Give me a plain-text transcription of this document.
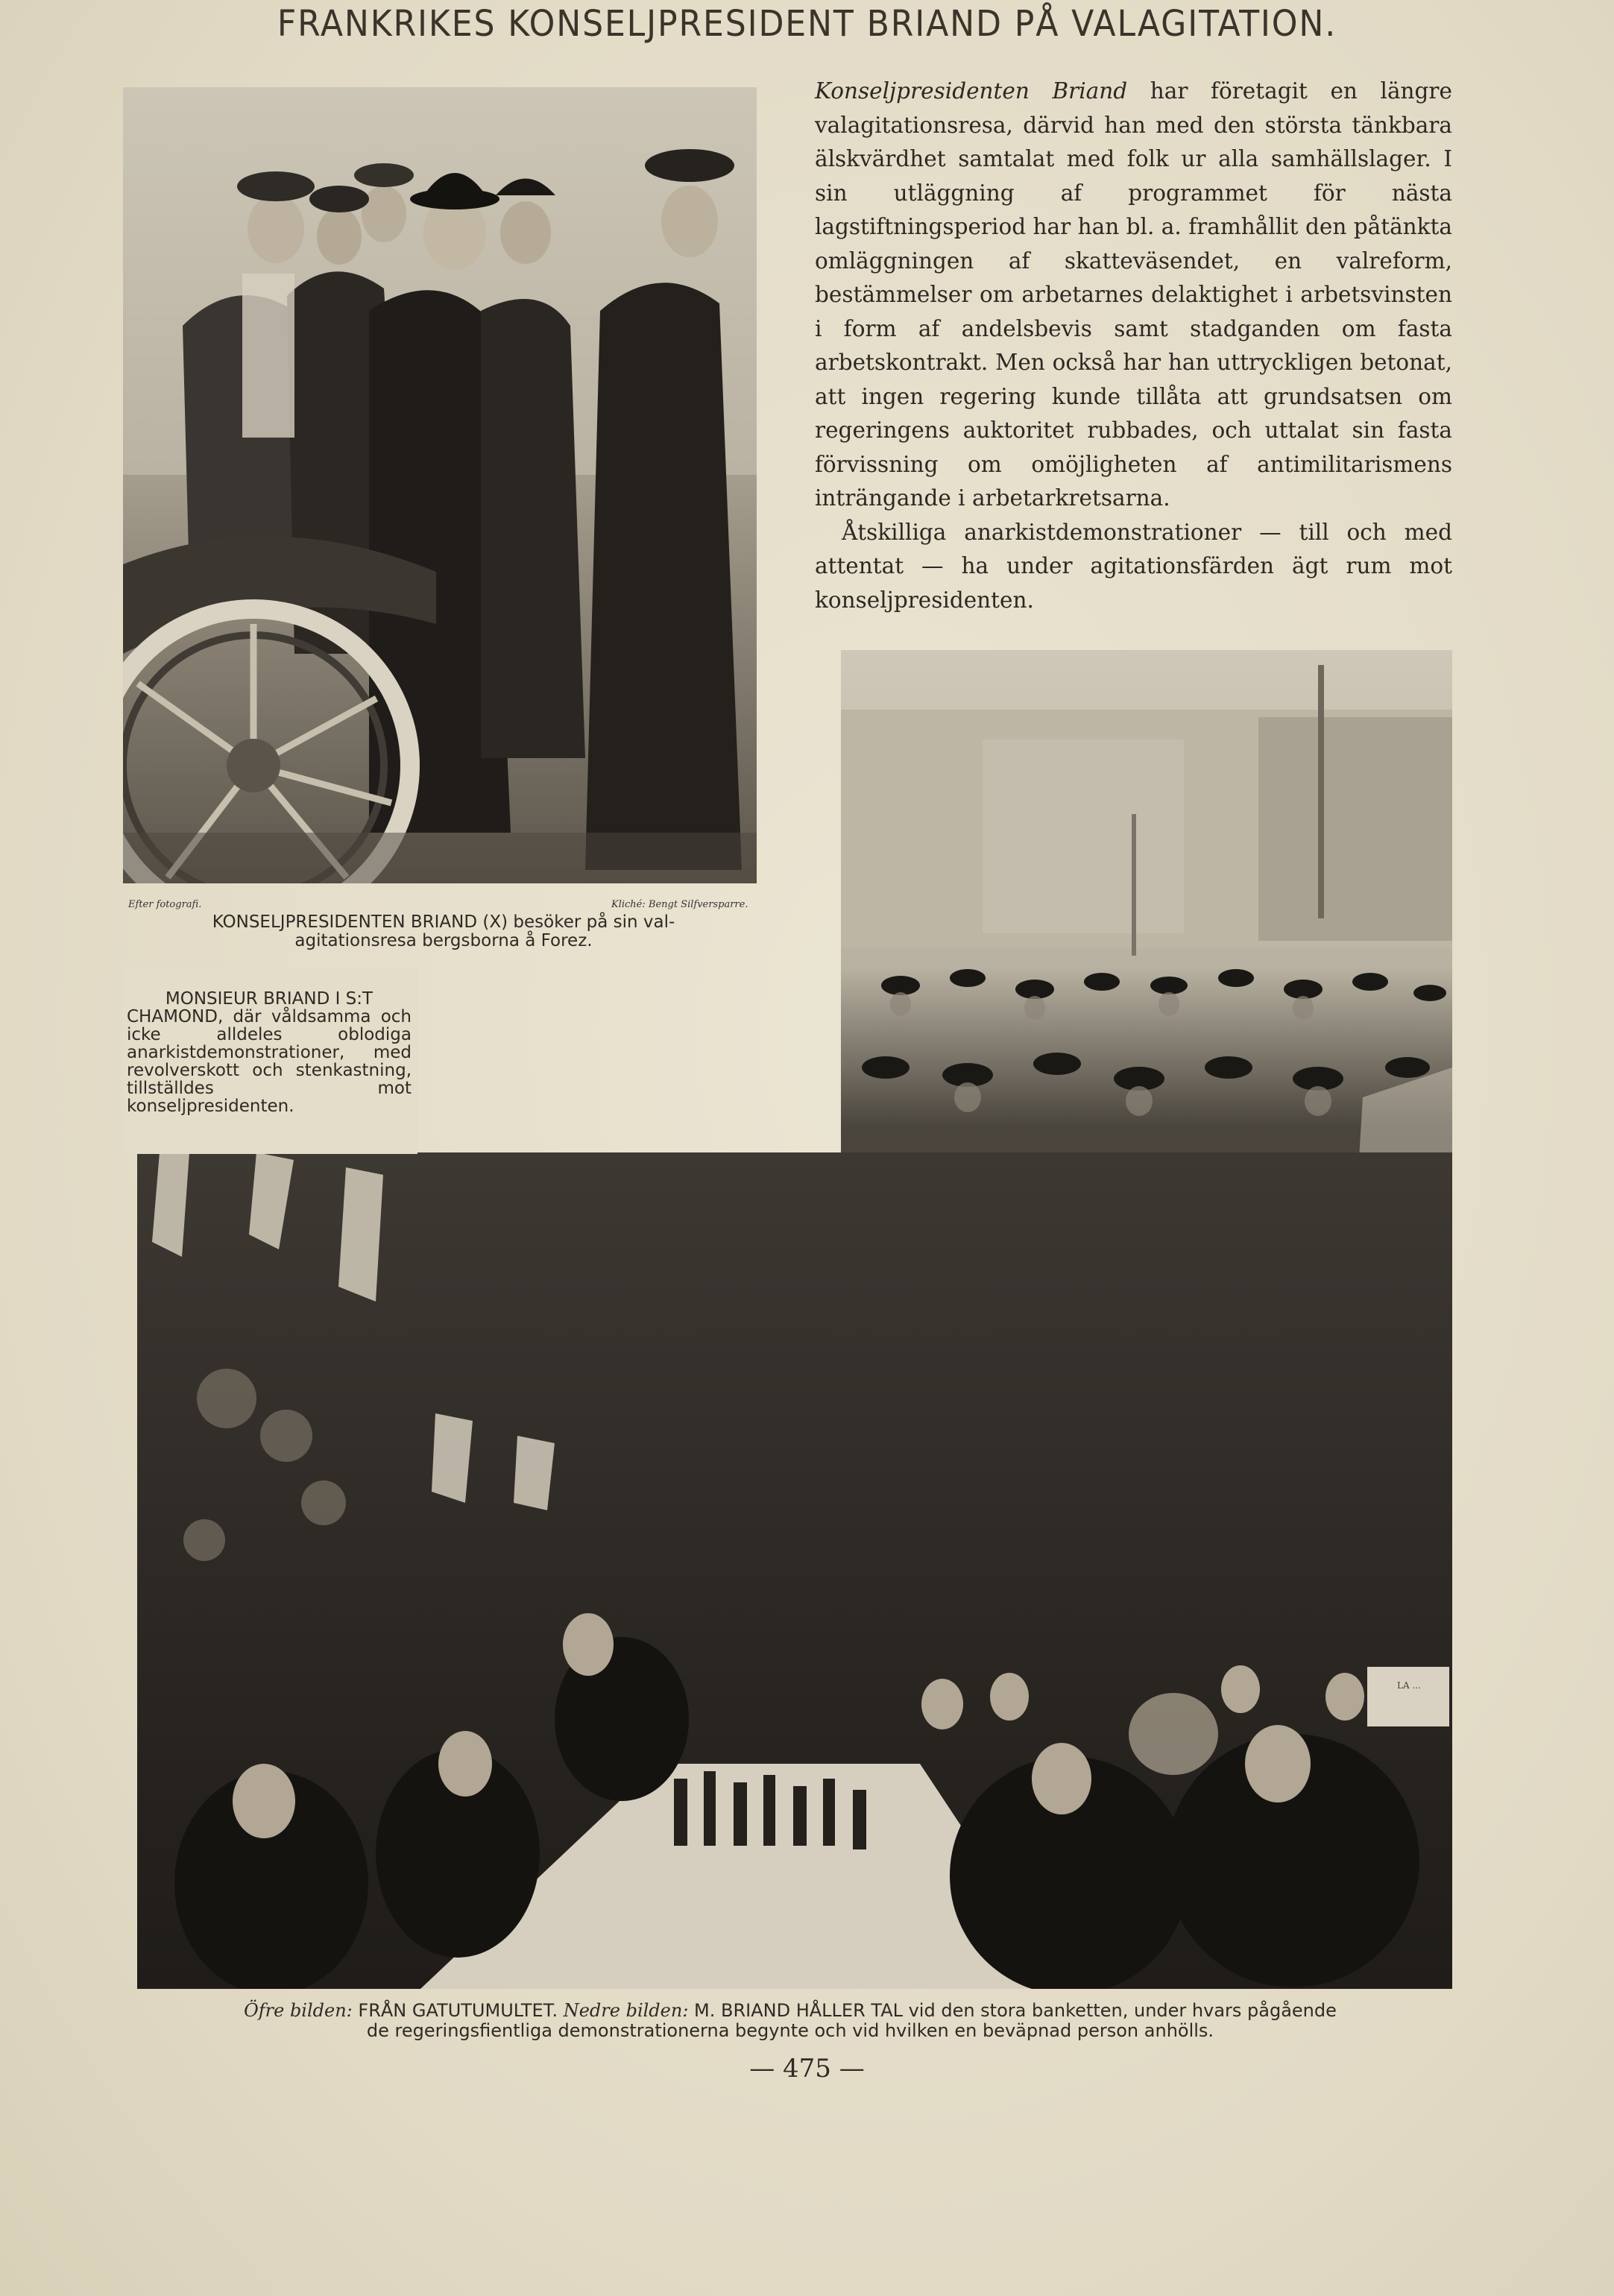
FRANKRIKES KONSELJPRESIDENT BRIAND PÅ VALAGITATION.
Efter fotografi.	Kliché: Bengt Silfversparre.
KONSELJPRESIDENTEN BRIAND (X) besöker på sin val-
agitationsresa bergsborna å Forez.

Konseljpresidenten Briand har företagit en längre valagitationsresa, därvid han med den största tänkbara älskvärdhet samtalat med folk ur alla samhällslager. I sin utläggning af programmet för nästa lagstiftningsperiod har han bl. a. framhållit den påtänkta omläggningen af skatteväsendet, en valreform, bestämmelser om arbetarnes delaktighet i arbetsvinsten i form af andelsbevis samt stadganden om fasta arbetskontrakt. Men också har han uttryckligen betonat, att ingen regering kunde tillåta att grundsatsen om regeringens auktoritet rubbades, och uttalat sin fasta förvissning om omöjligheten af antimilitarismens inträngande i arbetarkretsarna.

Åtskilliga anarkistdemonstrationer — till och med attentat — ha under agitationsfärden ägt rum mot konseljpresidenten.

LA ...
MONSIEUR BRIAND I S:T
CHAMOND, där våldsamma och icke alldeles oblodiga anarkistdemonstrationer, med revolverskott och stenkastning, tillställdes mot konseljpresidenten.
Öfre bilden: FRÅN GATUTUMULTET. Nedre bilden: M. BRIAND HÅLLER TAL vid den stora banketten, under hvars pågående
de regeringsfientliga demonstrationerna begynte och vid hvilken en beväpnad person anhölls.
— 475 —
